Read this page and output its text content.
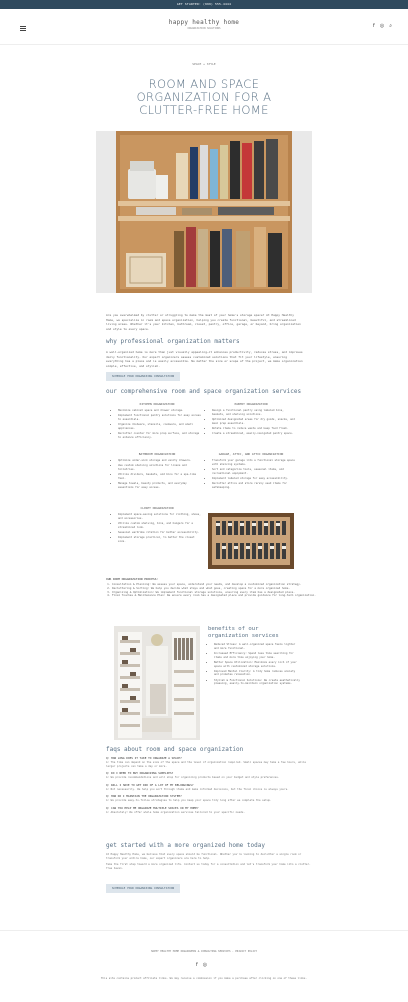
GET STARTED: (999) 555-4444
happy healthy home
ORGANIZATION SOLUTIONS	f ◎ ⌕
SPACE + STYLE
ROOM AND SPACE ORGANIZATION FOR A CLUTTER-FREE HOME
Are you overwhelmed by clutter or struggling to make the most of your home's storage space? At Happy Healthy Home, we specialize in room and space organization, helping you create functional, beautiful, and streamlined living areas. Whether it's your kitchen, bathroom, closet, pantry, office, garage, or beyond, bring organization and style to every space.
why professional organization matters
A well-organized home is more than just visually appealing—it enhances productivity, reduces stress, and improves daily functionality. Our expert organizers assess customized solutions that fit your lifestyle, ensuring everything has a place and is easily accessible. No matter the size or scope of the project, we make organization simple, effective, and stylish.
SCHEDULE YOUR ORGANIZING CONSULTATION
our comprehensive room and space organization services
KITCHEN ORGANIZATION
• Maximize cabinet space and drawer storage.
• Implement functional pantry solutions for easy access to essentials.
• Organize dishware, utensils, cookware, and small appliances.
• Declutter counter for more prep surface, and storage to enhance efficiency.
PANTRY ORGANIZATION
• Design a functional pantry using labeled bins, baskets, and shelving solutions.
• Optimized designated areas for dry goods, snacks, and meal prep essentials.
• Rotate items to reduce waste and keep food fresh.
• Create a streamlined, easily-navigated pantry space.
BATHROOM ORGANIZATION
• Optimize under-sink storage and vanity drawers.
• Use custom shelving solutions for linens and toiletries.
• Utilize dividers, baskets, and bins for a spa-like feel.
• Manage towels, beauty products, and everyday essentials for easy access.
GARAGE, ATTIC, AND ATTIC ORGANIZATION
• Transform your garage into a functional storage space with shelving systems.
• Sort and categorize tools, seasonal items, and recreational equipment.
• Implement labeled storage for easy accessibility.
• Declutter attics and store rarely used items for safekeeping.
CLOSET ORGANIZATION
• Implement space-saving solutions for clothing, shoes, and accessories.
• Utilize custom shelving, bins, and hangers for a streamlined look.
• Seasonal wardrobe rotation for better accessibility.
• Implement storage practical, to better the closet size.
OUR ROOM ORGANIZATION PROCESS:
1. Consultation & Planning: We assess your space, understand your needs, and develop a customized organization strategy.
2. Decluttering & Sorting: We help you decide what stays and what goes, creating space for a more organized home.
3. Organizing & Optimization: We implement functional storage solutions, ensuring every item has a designated place.
4. Final Touches & Maintenance Plan: We ensure every room has a designated place and provide guidance for long-term organization.
benefits of our organization services
• Reduced Stress: A well-organized space feels lighter and more functional.
• Increased Efficiency: Spend less time searching for items and more time enjoying your home.
• Better Space Utilization: Maximize every inch of your space with customized storage solutions.
• Improved Mental Clarity: A tidy home reduces anxiety and promotes relaxation.
• Stylish & Functional Solutions: We create aesthetically pleasing, easily-to-maintain organization systems.
faqs about room and space organization
Q: HOW LONG DOES IT TAKE TO ORGANIZE A SPACE?
A: The time can depend on the size of the space and the level of organization required. Small spaces may take a few hours, while larger projects can take a day or more.
Q: DO I NEED TO BUY ORGANIZING SUPPLIES?
A: We provide recommendations and will shop for organizing products based on your budget and style preferences.
Q: WILL I HAVE TO GET RID OF A LOT OF MY BELONGINGS?
A: Not necessarily. We help you sort through items and make informed decisions, but the final choice is always yours.
Q: HOW DO I MAINTAIN THE ORGANIZATION SYSTEM?
A: We provide easy-to-follow strategies to help you keep your space tidy long after we complete the setup.
Q: CAN YOU HELP ME ORGANIZE MULTIPLE SPACES IN MY HOME?
A: Absolutely! We offer whole home organization services tailored to your specific needs.
get started with a more organized home today
At Happy Healthy Home, we believe that every space should be functional. Whether you're looking to declutter a single room or transform your entire home, our expert organizers are here to help.
Take the first step toward a more organized life. Contact us today for a consultation and let's transform your home into a clutter-free haven.
SCHEDULE YOUR ORGANIZING CONSULTATION
HAPPY HEALTHY HOME ORGANIZERS & CONSULTING SERVICES · PRIVACY POLICY
f ◎
This site contains product affiliate links. We may receive a commission if you make a purchase after clicking on one of these links.
